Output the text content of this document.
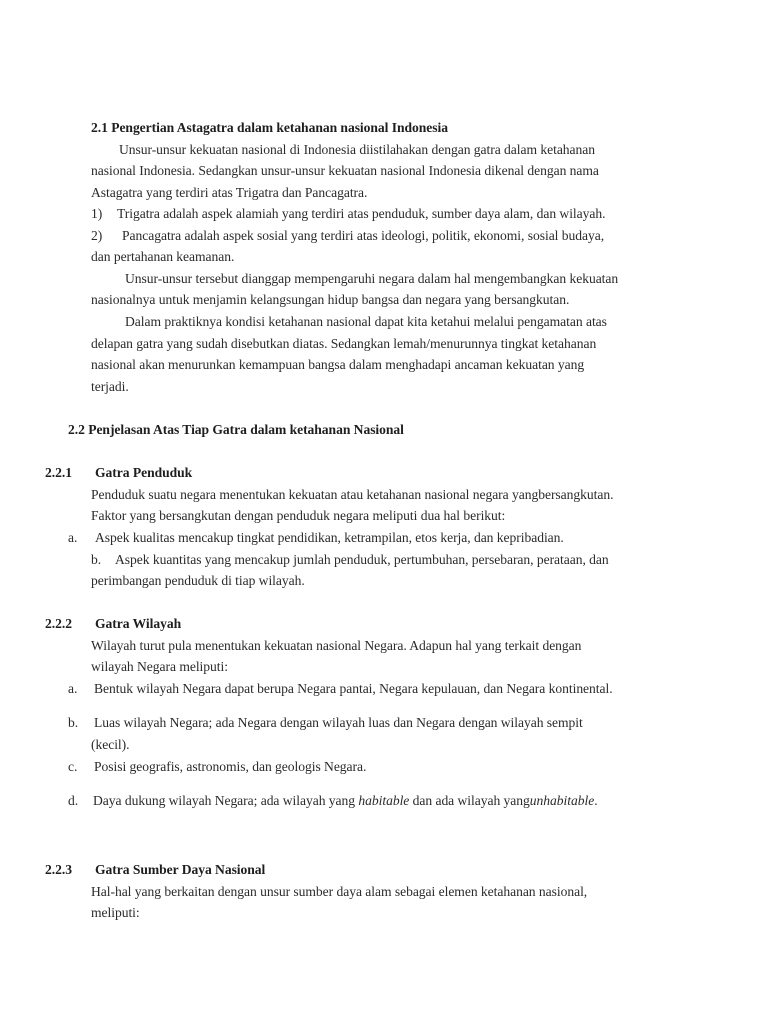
2.1 Pengertian Astagatra dalam ketahanan nasional Indonesia
Unsur-unsur kekuatan nasional di Indonesia diistilahakan dengan gatra dalam ketahanan
nasional Indonesia. Sedangkan unsur-unsur kekuatan nasional Indonesia dikenal dengan nama
Astagatra yang terdiri atas Trigatra dan Pancagatra.
1) Trigatra adalah aspek alamiah yang terdiri atas penduduk, sumber daya alam, dan wilayah.
2) Pancagatra adalah aspek sosial yang terdiri atas ideologi, politik, ekonomi, sosial budaya,
dan pertahanan keamanan.
Unsur-unsur tersebut dianggap mempengaruhi negara dalam hal mengembangkan kekuatan
nasionalnya untuk menjamin kelangsungan hidup bangsa dan negara yang bersangkutan.
Dalam praktiknya kondisi ketahanan nasional dapat kita ketahui melalui pengamatan atas
delapan gatra yang sudah disebutkan diatas. Sedangkan lemah/menurunnya tingkat ketahanan
nasional akan menurunkan kemampuan bangsa dalam menghadapi ancaman kekuatan yang
terjadi.
2.2 Penjelasan Atas Tiap Gatra dalam ketahanan Nasional
2.2.1 Gatra Penduduk
Penduduk suatu negara menentukan kekuatan atau ketahanan nasional negara yangbersangkutan.
Faktor yang bersangkutan dengan penduduk negara meliputi dua hal berikut:
a. Aspek kualitas mencakup tingkat pendidikan, ketrampilan, etos kerja, dan kepribadian.
b. Aspek kuantitas yang mencakup jumlah penduduk, pertumbuhan, persebaran, perataan, dan
perimbangan penduduk di tiap wilayah.
2.2.2 Gatra Wilayah
Wilayah turut pula menentukan kekuatan nasional Negara. Adapun hal yang terkait dengan
wilayah Negara meliputi:
a. Bentuk wilayah Negara dapat berupa Negara pantai, Negara kepulauan, dan Negara kontinental.
b. Luas wilayah Negara; ada Negara dengan wilayah luas dan Negara dengan wilayah sempit
(kecil).
c. Posisi geografis, astronomis, dan geologis Negara.
d. Daya dukung wilayah Negara; ada wilayah yang habitable dan ada wilayah yangunhabitable.
2.2.3 Gatra Sumber Daya Nasional
Hal-hal yang berkaitan dengan unsur sumber daya alam sebagai elemen ketahanan nasional,
meliputi:
